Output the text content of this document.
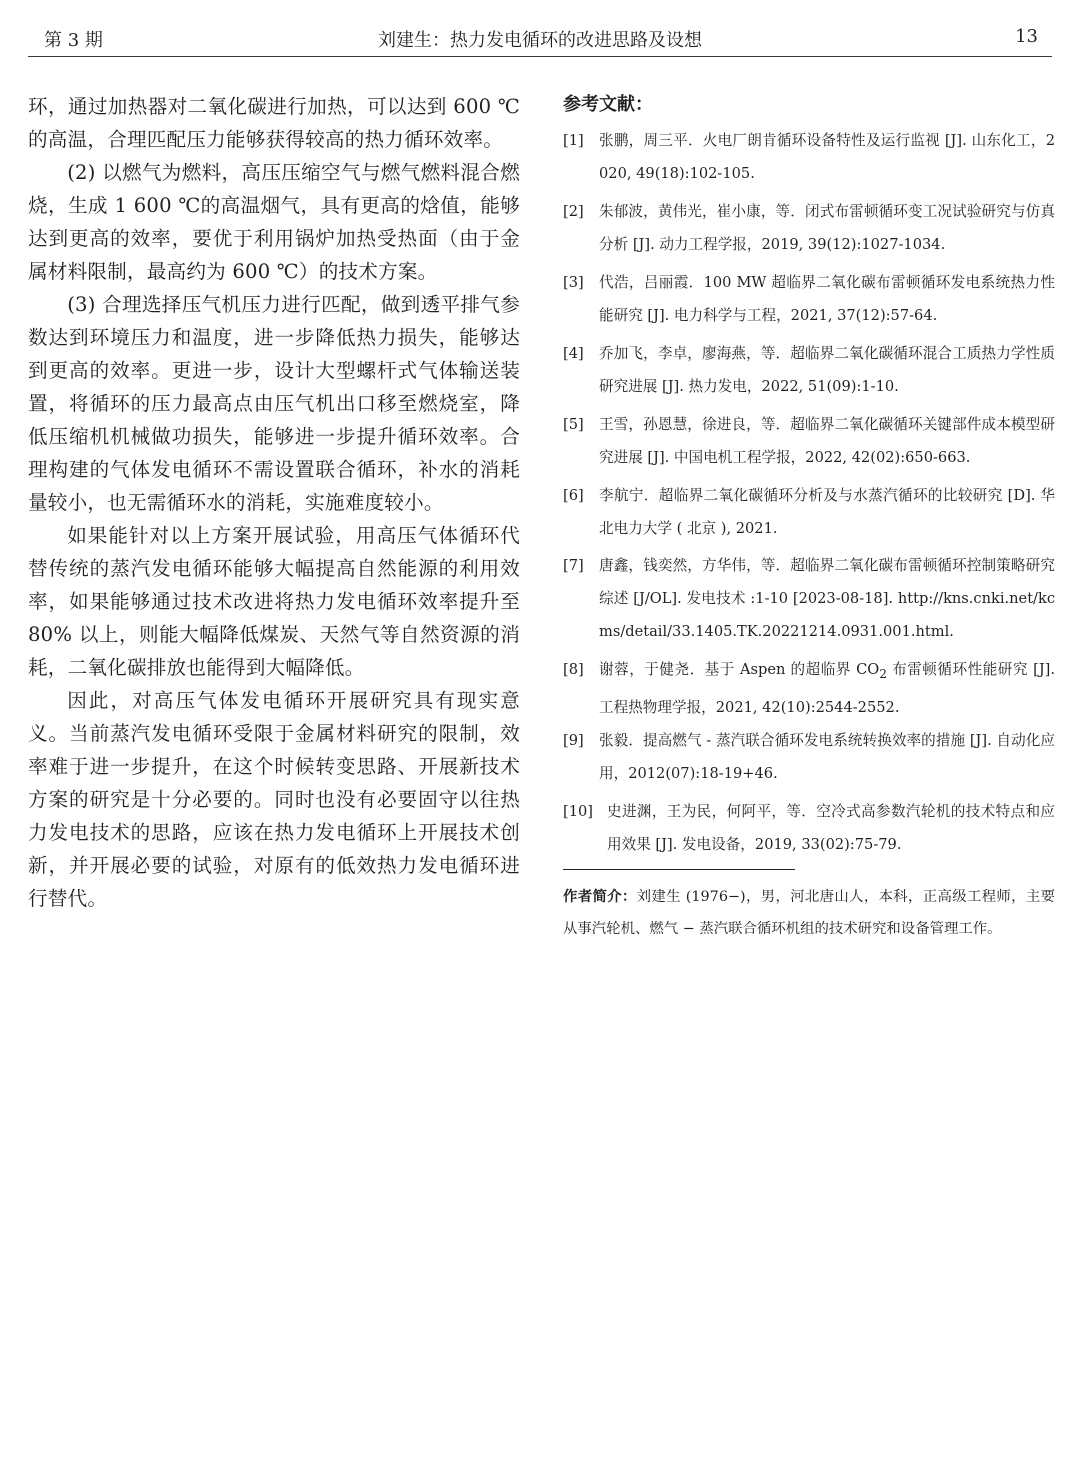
第 3 期	刘建生：热力发电循环的改进思路及设想	13

环，通过加热器对二氧化碳进行加热，可以达到 600 ℃的高温，合理匹配压力能够获得较高的热力循环效率。

(2) 以燃气为燃料，高压压缩空气与燃气燃料混合燃烧，生成 1 600 ℃的高温烟气，具有更高的焓值，能够达到更高的效率，要优于利用锅炉加热受热面（由于金属材料限制，最高约为 600 ℃）的技术方案。

(3) 合理选择压气机压力进行匹配，做到透平排气参数达到环境压力和温度，进一步降低热力损失，能够达到更高的效率。更进一步，设计大型螺杆式气体输送装置，将循环的压力最高点由压气机出口移至燃烧室，降低压缩机机械做功损失，能够进一步提升循环效率。合理构建的气体发电循环不需设置联合循环，补水的消耗量较小，也无需循环水的消耗，实施难度较小。

如果能针对以上方案开展试验，用高压气体循环代替传统的蒸汽发电循环能够大幅提高自然能源的利用效率，如果能够通过技术改进将热力发电循环效率提升至 80% 以上，则能大幅降低煤炭、天然气等自然资源的消耗，二氧化碳排放也能得到大幅降低。

因此，对高压气体发电循环开展研究具有现实意义。当前蒸汽发电循环受限于金属材料研究的限制，效率难于进一步提升，在这个时候转变思路、开展新技术方案的研究是十分必要的。同时也没有必要固守以往热力发电技术的思路，应该在热力发电循环上开展技术创新，并开展必要的试验，对原有的低效热力发电循环进行替代。

参考文献：

[1] 张鹏，周三平．火电厂朗肯循环设备特性及运行监视 [J]. 山东化工，2020, 49(18):102-105.

[2] 朱郁波，黄伟光，崔小康，等．闭式布雷顿循环变工况试验研究与仿真分析 [J]. 动力工程学报，2019, 39(12):1027-1034.

[3] 代浩，吕丽霞．100 MW 超临界二氧化碳布雷顿循环发电系统热力性能研究 [J]. 电力科学与工程，2021, 37(12):57-64.

[4] 乔加飞，李卓，廖海燕，等．超临界二氧化碳循环混合工质热力学性质研究进展 [J]. 热力发电，2022, 51(09):1-10.

[5] 王雪，孙恩慧，徐进良，等．超临界二氧化碳循环关键部件成本模型研究进展 [J]. 中国电机工程学报，2022, 42(02):650-663.

[6] 李航宁．超临界二氧化碳循环分析及与水蒸汽循环的比较研究 [D]. 华北电力大学 ( 北京 ), 2021.

[7] 唐鑫，钱奕然，方华伟，等．超临界二氧化碳布雷顿循环控制策略研究综述 [J/OL]. 发电技术 :1-10 [2023-08-18]. http://kns.cnki.net/kcms/detail/33.1405.TK.20221214.0931.001.html.

[8] 谢蓉，于健尧．基于 Aspen 的超临界 $CO_2$ 布雷顿循环性能研究 [J]. 工程热物理学报，2021, 42(10):2544-2552.

[9] 张毅．提高燃气 - 蒸汽联合循环发电系统转换效率的措施 [J]. 自动化应用，2012(07):18-19+46.

[10] 史进渊，王为民，何阿平，等．空冷式高参数汽轮机的技术特点和应用效果 [J]. 发电设备，2019, 33(02):75-79.

作者简介：刘建生 (1976−)，男，河北唐山人，本科，正高级工程师，主要从事汽轮机、燃气 − 蒸汽联合循环机组的技术研究和设备管理工作。
